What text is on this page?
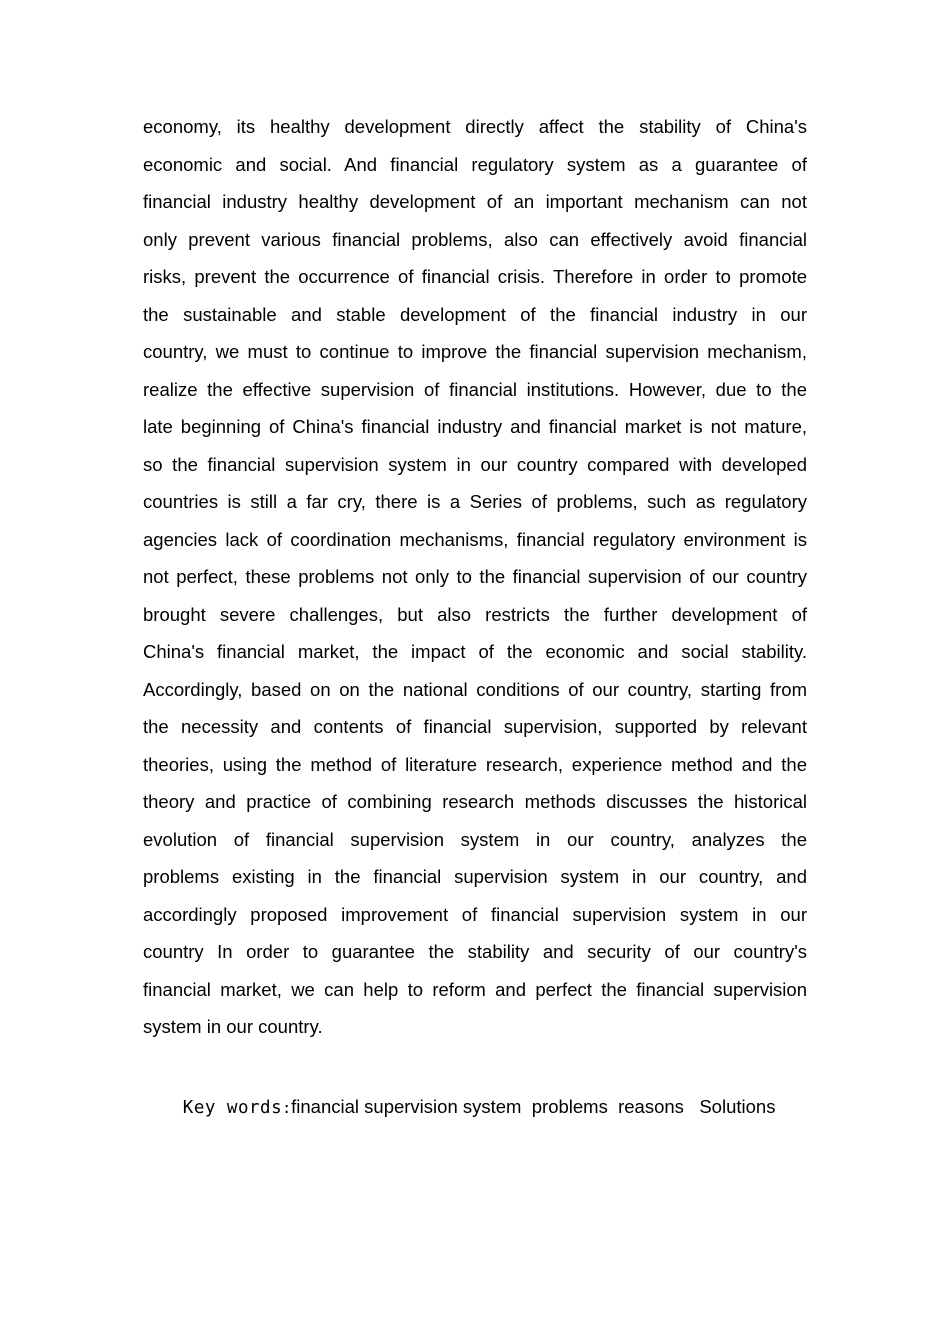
economy, its healthy development directly affect the stability of China's
economic and social. And financial regulatory system as a guarantee of
financial industry healthy development of an important mechanism can not
only prevent various financial problems, also can effectively avoid financial
risks, prevent the occurrence of financial crisis. Therefore in order to promote
the sustainable and stable development of the financial industry in our
country, we must to continue to improve the financial supervision mechanism,
realize the effective supervision of financial institutions. However, due to the
late beginning of China's financial industry and financial market is not mature,
so the financial supervision system in our country compared with developed
countries is still a far cry, there is a Series of problems, such as regulatory
agencies lack of coordination mechanisms, financial regulatory environment is
not perfect, these problems not only to the financial supervision of our country
brought severe challenges, but also restricts the further development of
China's financial market, the impact of the economic and social stability.
Accordingly, based on on the national conditions of our country, starting from
the necessity and contents of financial supervision, supported by relevant
theories, using the method of literature research, experience method and the
theory and practice of combining research methods discusses the historical
evolution of financial supervision system in our country, analyzes the
problems existing in the financial supervision system in our country, and
accordingly proposed improvement of financial supervision system in our
country In order to guarantee the stability and security of our country's
financial market, we can help to reform and perfect the financial supervision
system in our country.

Key words:financial supervision system  problems  reasons   Solutions
